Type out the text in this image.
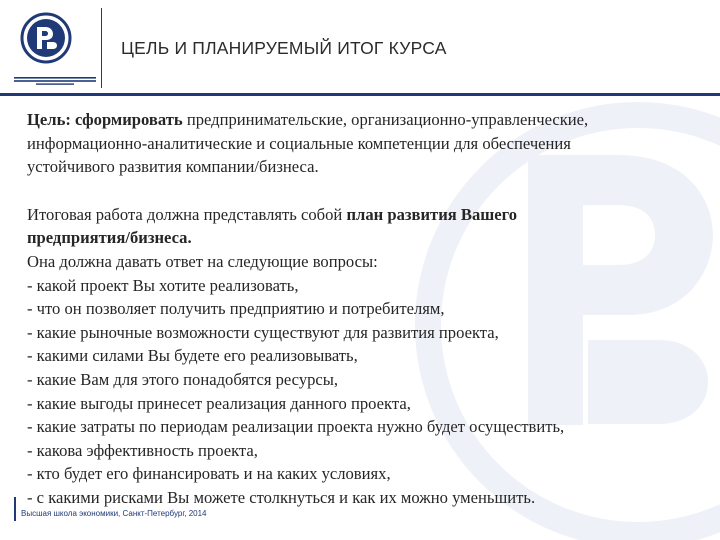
ЦЕЛЬ И ПЛАНИРУЕМЫЙ ИТОГ КУРСА

Цель: сформировать предпринимательские, организационно-управленческие,

информационно-аналитические и социальные компетенции для обеспечения

устойчивого развития компании/бизнеса.

Итоговая работа должна представлять собой план развития Вашего

предприятия/бизнеса.

Она должна давать ответ на следующие вопросы:

- какой проект Вы хотите реализовать,

- что он позволяет получить предприятию и потребителям,

- какие рыночные возможности существуют для развития проекта,

- какими силами Вы будете его реализовывать,

- какие Вам для этого понадобятся ресурсы,

- какие выгоды принесет реализация данного проекта,

- какие затраты по периодам реализации проекта нужно будет осуществить,

- какова эффективность проекта,

- кто будет его финансировать и на каких условиях,

- с какими рисками Вы можете столкнуться и как их можно уменьшить.

Высшая школа экономики, Санкт-Петербург, 2014
